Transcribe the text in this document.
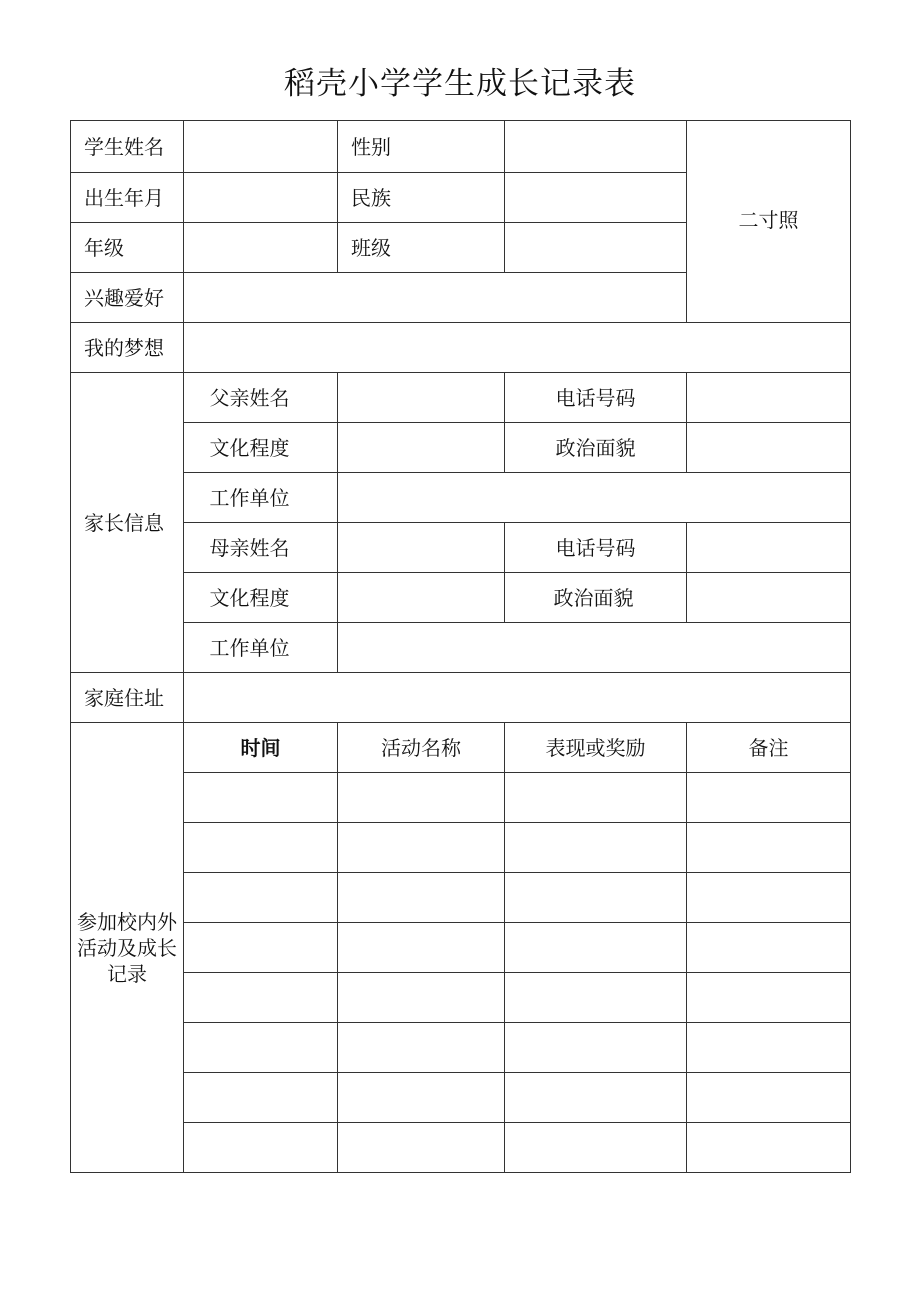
稻壳小学学生成长记录表
学生姓名		性别		二寸照
出生年月		民族		
年级		班级		
兴趣爱好				
我的梦想				
家长信息	父亲姓名		电话号码	
	文化程度		政治面貌	
	工作单位			
	母亲姓名		电话号码	
	文化程度		政治面貌	
	工作单位			
家庭住址				
参加校内外活动及成长记录	时间	活动名称	表现或奖励	备注
